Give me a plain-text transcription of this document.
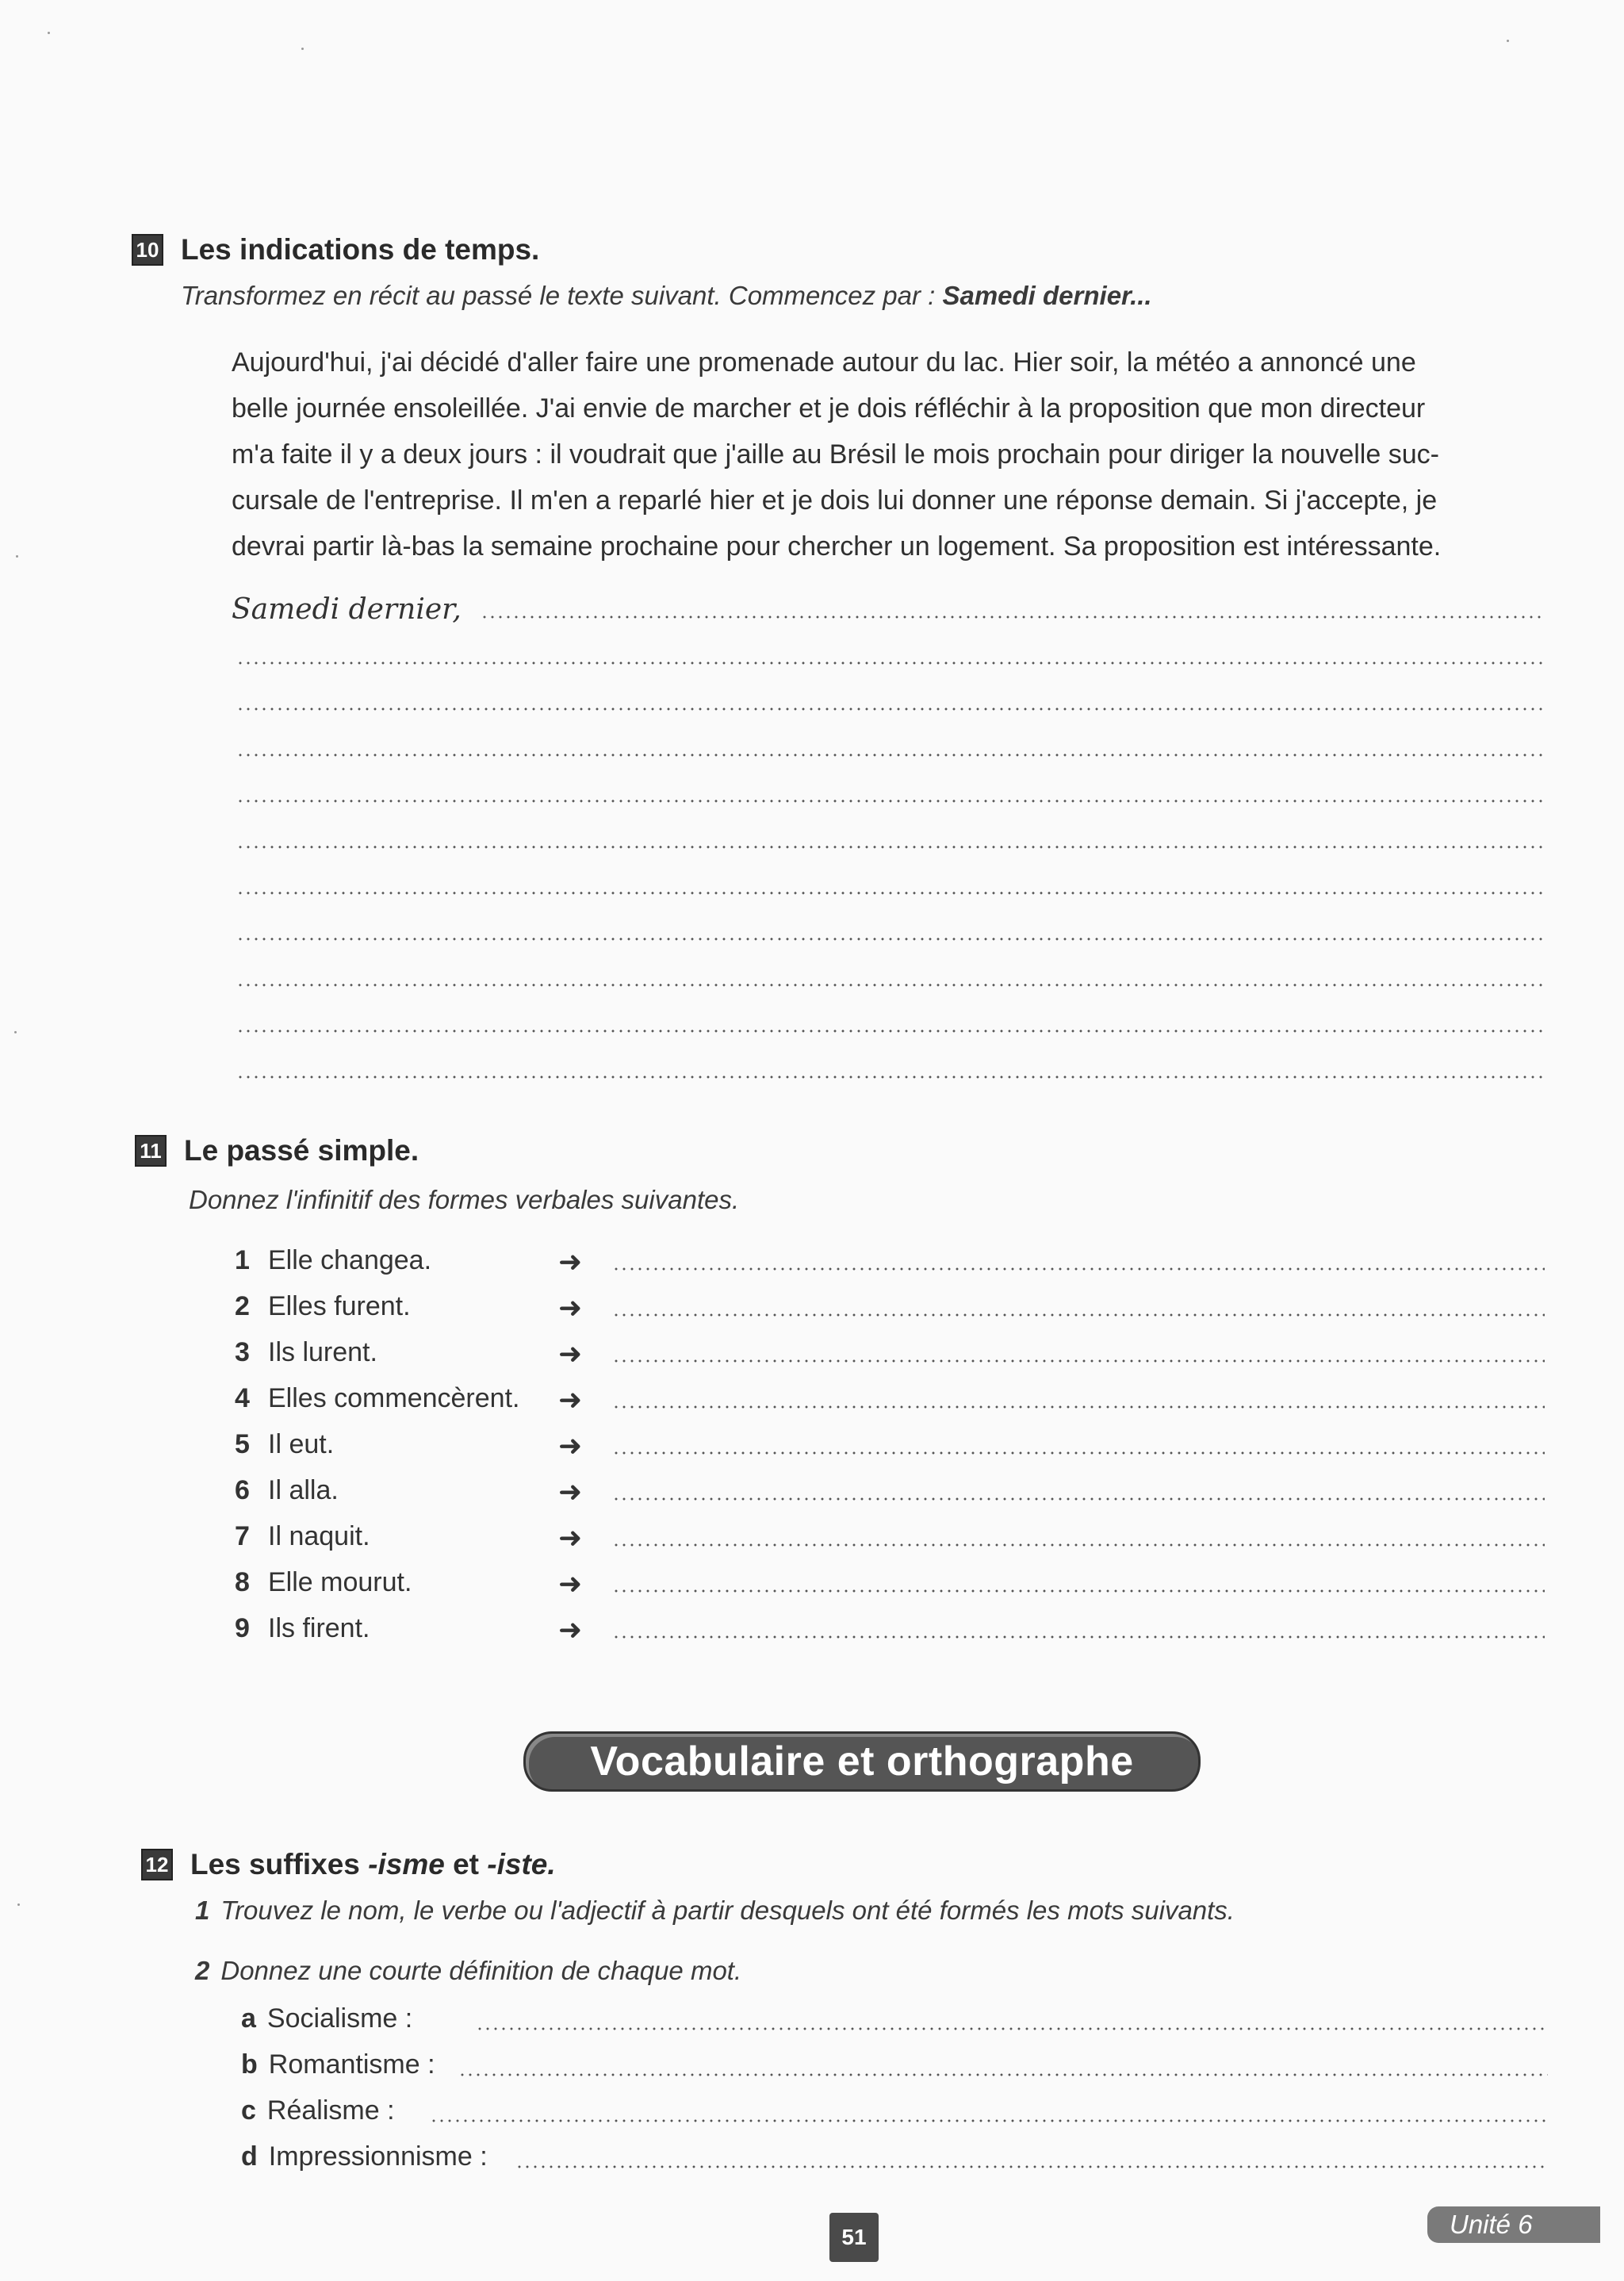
10 Les indications de temps.
Transformez en récit au passé le texte suivant. Commencez par : Samedi dernier...
Aujourd'hui, j'ai décidé d'aller faire une promenade autour du lac. Hier soir, la météo a annoncé une
belle journée ensoleillée. J'ai envie de marcher et je dois réfléchir à la proposition que mon directeur
m'a faite il y a deux jours : il voudrait que j'aille au Brésil le mois prochain pour diriger la nouvelle suc-
cursale de l'entreprise. Il m'en a reparlé hier et je dois lui donner une réponse demain. Si j'accepte, je
devrai partir là-bas la semaine prochaine pour chercher un logement. Sa proposition est intéressante.
Samedi dernier,
11 Le passé simple.
Donnez l'infinitif des formes verbales suivantes.
1 Elle changea.	➜
2 Elles furent.	➜
3 Ils lurent.	➜
4 Elles commencèrent. ➜
5 Il eut.	➜
6 Il alla.	➜
7 Il naquit.	➜
8 Elle mourut.	➜
9 Ils firent.	➜
Vocabulaire et orthographe
12 Les suffixes -isme et -iste.
1 Trouvez le nom, le verbe ou l'adjectif à partir desquels ont été formés les mots suivants.
2 Donnez une courte définition de chaque mot.
a Socialisme :
b Romantisme :
c Réalisme :
d Impressionnisme :
51	Unité 6
